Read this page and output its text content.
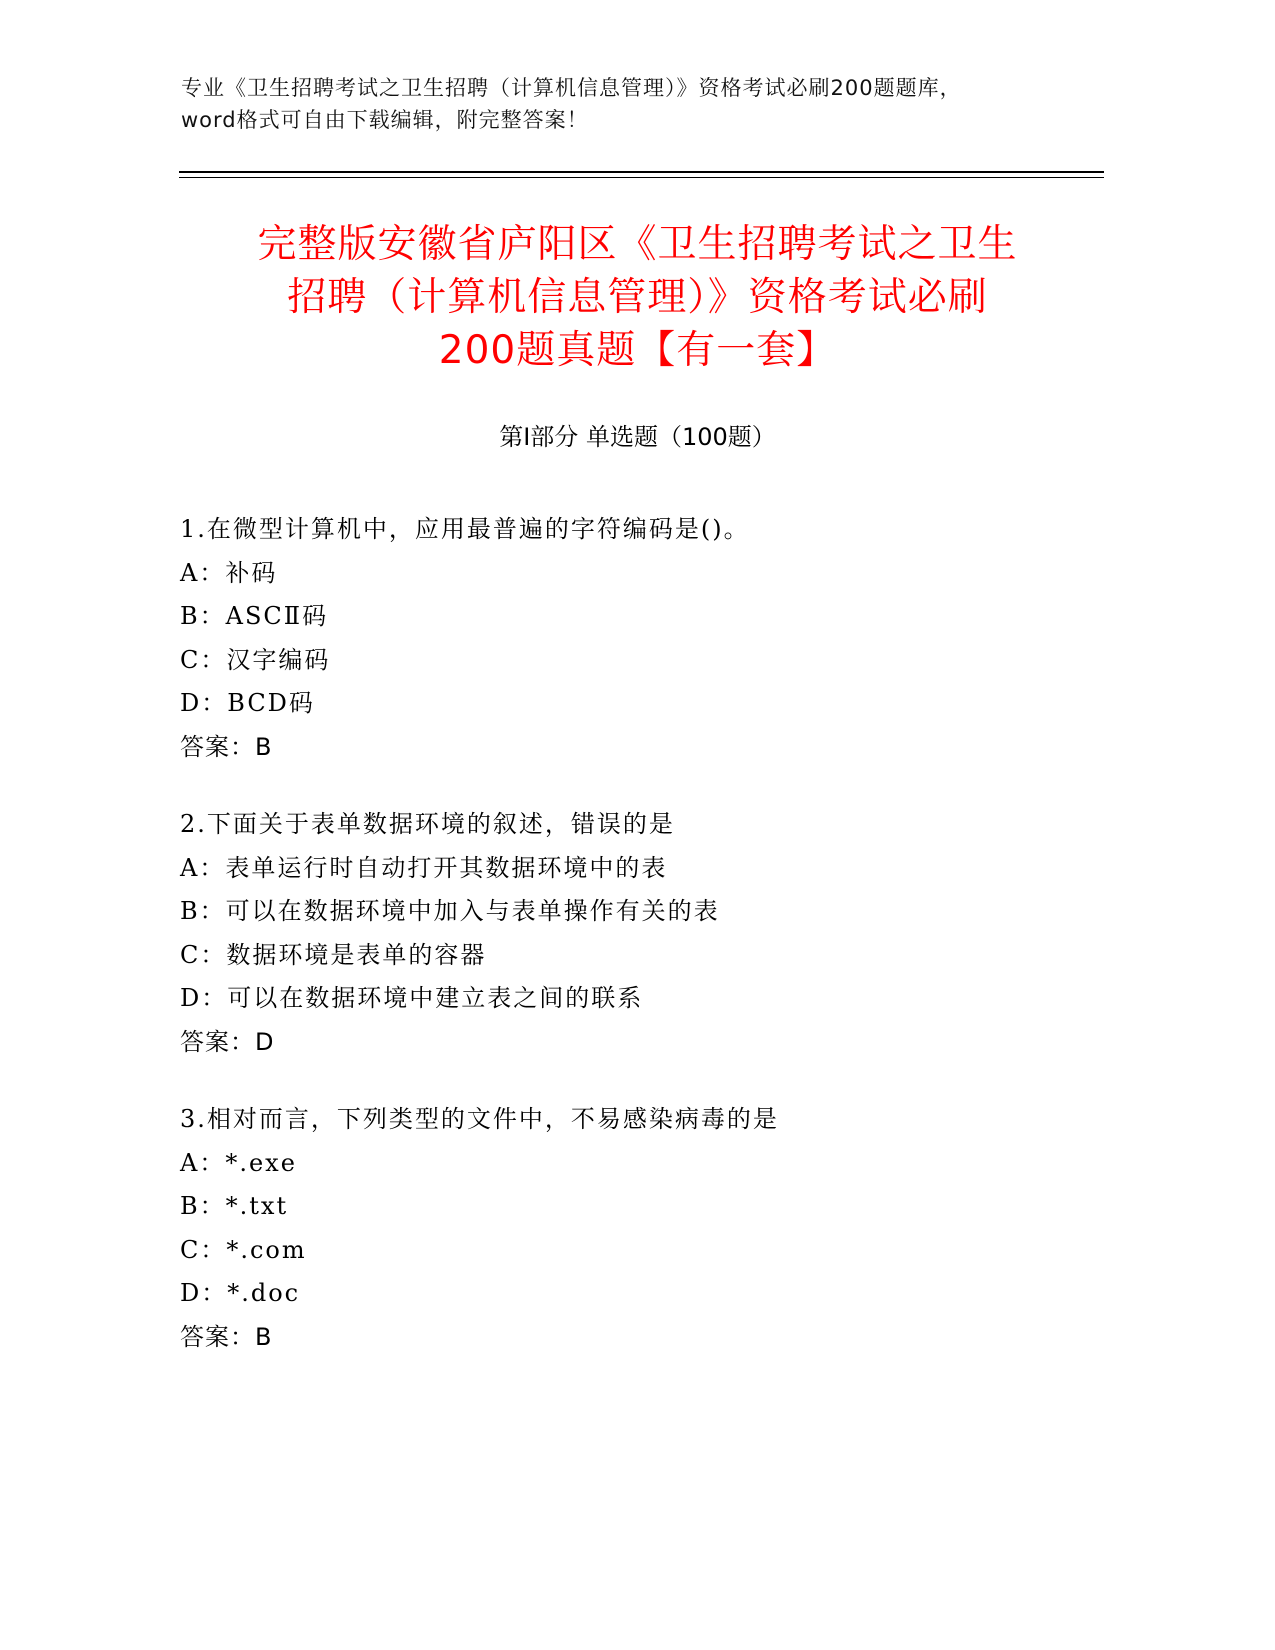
专业《卫生招聘考试之卫生招聘（计算机信息管理）》资格考试必刷200题题库，
word格式可自由下载编辑，附完整答案！
完整版安徽省庐阳区《卫生招聘考试之卫生
招聘（计算机信息管理）》资格考试必刷
200题真题【有一套】
第I部分 单选题（100题）
1.在微型计算机中，应用最普遍的字符编码是()。
A：补码
B：ASCⅡ码
C：汉字编码
D：BCD码
答案：B
2.下面关于表单数据环境的叙述，错误的是
A：表单运行时自动打开其数据环境中的表
B：可以在数据环境中加入与表单操作有关的表
C：数据环境是表单的容器
D：可以在数据环境中建立表之间的联系
答案：D
3.相对而言，下列类型的文件中，不易感染病毒的是
A：*.exe
B：*.txt
C：*.com
D：*.doc
答案：B
